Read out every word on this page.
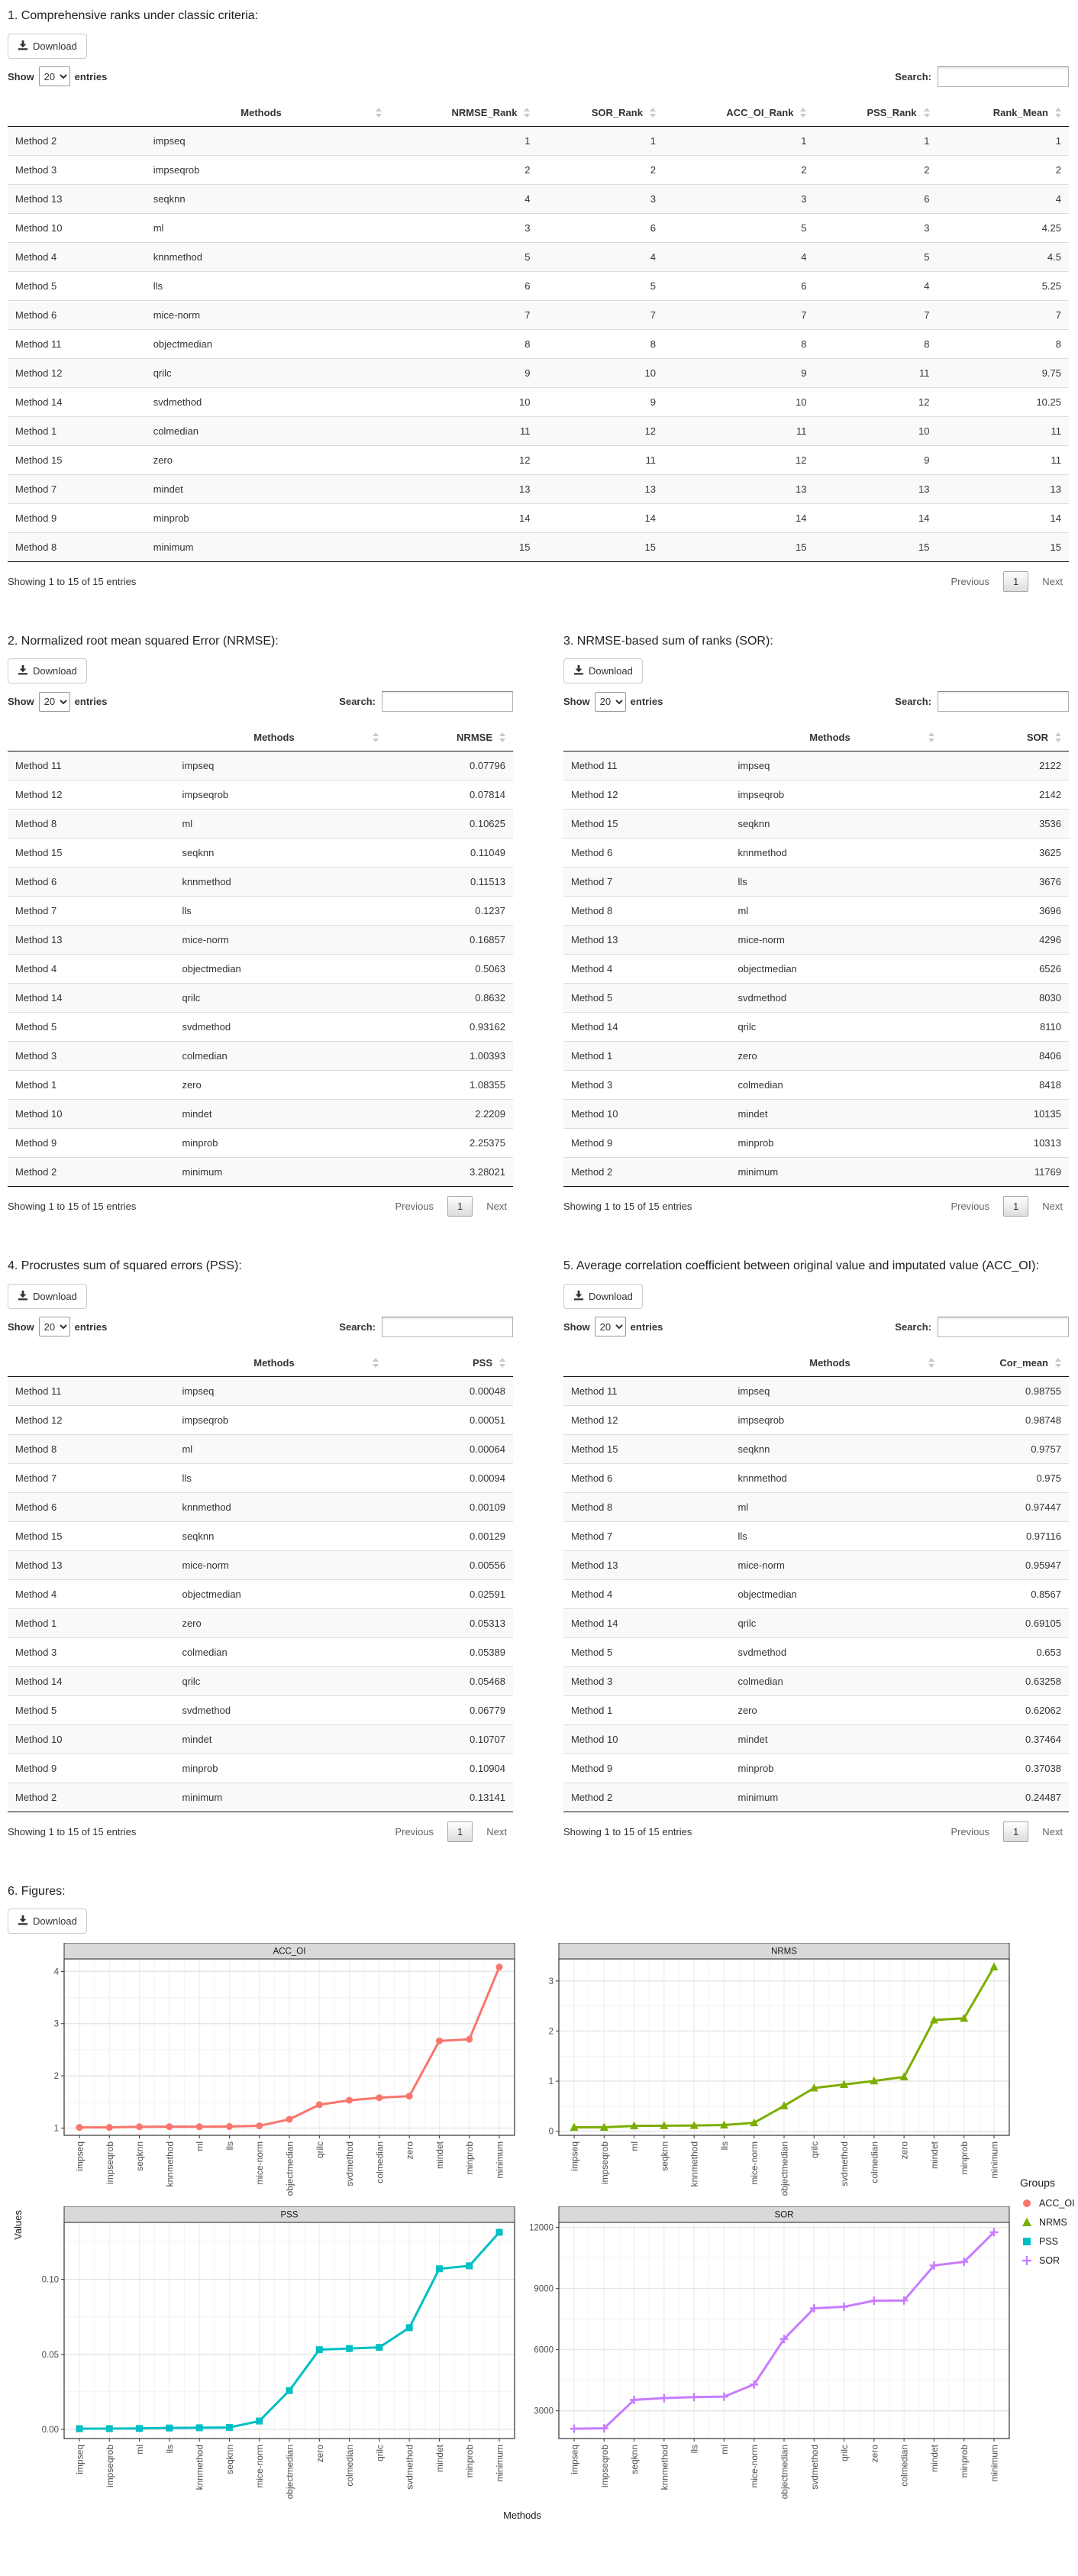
1. Comprehensive ranks under classic criteria:
Download
Show
20	entries	Search:

	Methods	NRMSE_Rank	SOR_Rank	ACC_OI_Rank	PSS_Rank	Rank_Mean

Method 2	impseq	1	1	1	1	1
Method 3	impseqrob	2	2	2	2	2
Method 13	seqknn	4	3	3	6	4
Method 10	ml	3	6	5	3	4.25
Method 4	knnmethod	5	4	4	5	4.5
Method 5	lls	6	5	6	4	5.25
Method 6	mice-norm	7	7	7	7	7
Method 11	objectmedian	8	8	8	8	8
Method 12	qrilc	9	10	9	11	9.75
Method 14	svdmethod	10	9	10	12	10.25
Method 1	colmedian	11	12	11	10	11
Method 15	zero	12	11	12	9	11
Method 7	mindet	13	13	13	13	13
Method 9	minprob	14	14	14	14	14
Method 8	minimum	15	15	15	15	15
Showing 1 to 15 of 15 entries	Previous	1	Next
2. Normalized root mean squared Error (NRMSE):
Download
Show
20	entries	Search:

	Methods	NRMSE

Method 11	impseq	0.07796
Method 12	impseqrob	0.07814
Method 8	ml	0.10625
Method 15	seqknn	0.11049
Method 6	knnmethod	0.11513
Method 7	lls	0.1237
Method 13	mice-norm	0.16857
Method 4	objectmedian	0.5063
Method 14	qrilc	0.8632
Method 5	svdmethod	0.93162
Method 3	colmedian	1.00393
Method 1	zero	1.08355
Method 10	mindet	2.2209
Method 9	minprob	2.25375
Method 2	minimum	3.28021
Showing 1 to 15 of 15 entries	Previous	1	Next
3. NRMSE-based sum of ranks (SOR):
Download
Show
20	entries	Search:

	Methods	SOR

Method 11	impseq	2122
Method 12	impseqrob	2142
Method 15	seqknn	3536
Method 6	knnmethod	3625
Method 7	lls	3676
Method 8	ml	3696
Method 13	mice-norm	4296
Method 4	objectmedian	6526
Method 5	svdmethod	8030
Method 14	qrilc	8110
Method 1	zero	8406
Method 3	colmedian	8418
Method 10	mindet	10135
Method 9	minprob	10313
Method 2	minimum	11769
Showing 1 to 15 of 15 entries	Previous	1	Next
4. Procrustes sum of squared errors (PSS):
Download
Show
20	entries	Search:

	Methods	PSS

Method 11	impseq	0.00048
Method 12	impseqrob	0.00051
Method 8	ml	0.00064
Method 7	lls	0.00094
Method 6	knnmethod	0.00109
Method 15	seqknn	0.00129
Method 13	mice-norm	0.00556
Method 4	objectmedian	0.02591
Method 1	zero	0.05313
Method 3	colmedian	0.05389
Method 14	qrilc	0.05468
Method 5	svdmethod	0.06779
Method 10	mindet	0.10707
Method 9	minprob	0.10904
Method 2	minimum	0.13141
Showing 1 to 15 of 15 entries	Previous	1	Next
5. Average correlation coefficient between original value and imputated value (ACC_OI):
Download
Show
20	entries	Search:

	Methods	Cor_mean

Method 11	impseq	0.98755
Method 12	impseqrob	0.98748
Method 15	seqknn	0.9757
Method 6	knnmethod	0.975
Method 8	ml	0.97447
Method 7	lls	0.97116
Method 13	mice-norm	0.95947
Method 4	objectmedian	0.8567
Method 14	qrilc	0.69105
Method 5	svdmethod	0.653
Method 3	colmedian	0.63258
Method 1	zero	0.62062
Method 10	mindet	0.37464
Method 9	minprob	0.37038
Method 2	minimum	0.24487
Showing 1 to 15 of 15 entries	Previous	1	Next
6. Figures:
Download
Values
1
2
3
4
impseq impseqrob seqknn knnmethod ml lls mice-norm objectmedian qrilc svdmethod colmedian zero mindet minprob minimum
ACC_OI
0
1
2
3
impseq impseqrob ml seqknn knnmethod lls mice-norm objectmedian qrilc svdmethod colmedian zero mindet minprob minimum
NRMS
Groups
ACC_OI
NRMS
PSS
SOR
0.00
0.05
0.10
impseq impseqrob ml lls knnmethod seqknn mice-norm objectmedian zero colmedian qrilc svdmethod mindet minprob minimum
PSS
3000
6000
9000
12000
impseq impseqrob seqknn knnmethod lls ml mice-norm objectmedian svdmethod qrilc zero colmedian mindet minprob minimum
SOR
Methods
